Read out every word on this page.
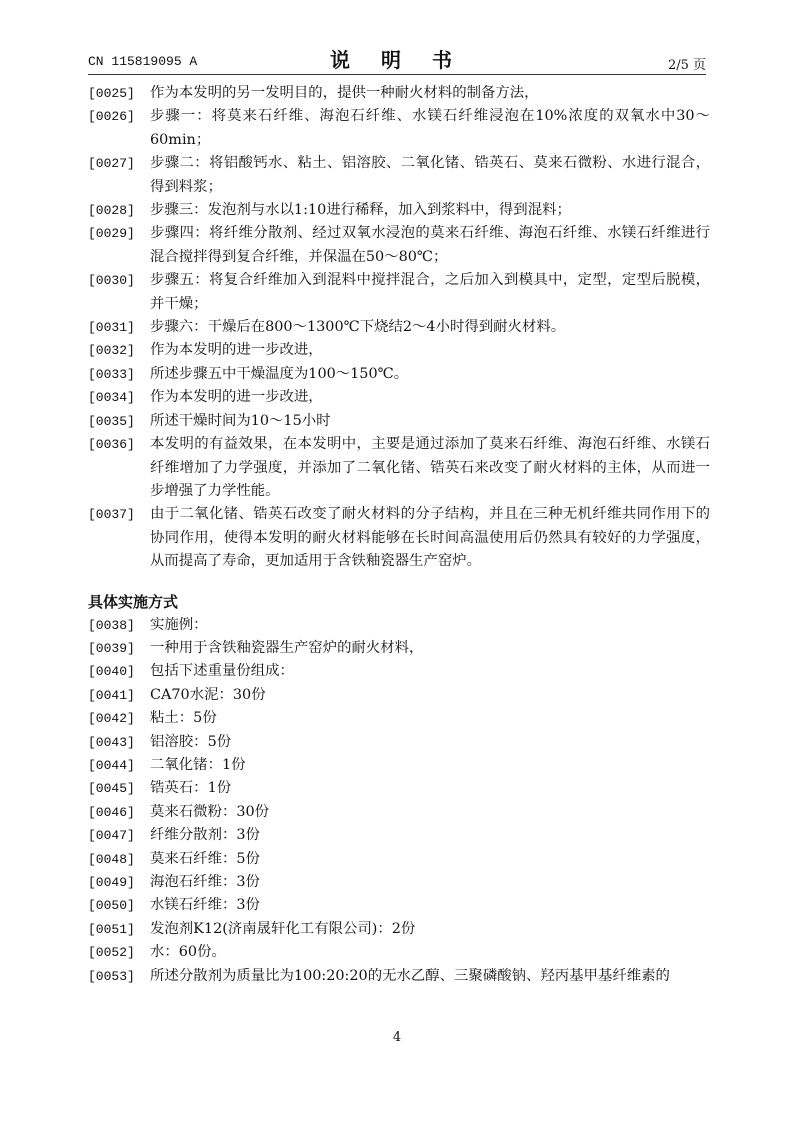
CN 115819095 A	说 明 书	2/5 页
[0025]	作为本发明的另一发明目的，提供一种耐火材料的制备方法，
[0026]	步骤一：将莫来石纤维、海泡石纤维、水镁石纤维浸泡在10%浓度的双氧水中30～60min；
[0027]	步骤二：将铝酸钙水、粘土、铝溶胶、二氧化锗、锆英石、莫来石微粉、水进行混合，得到料浆；
[0028]	步骤三：发泡剂与水以1:10进行稀释，加入到浆料中，得到混料；
[0029]	步骤四：将纤维分散剂、经过双氧水浸泡的莫来石纤维、海泡石纤维、水镁石纤维进行混合搅拌得到复合纤维，并保温在50～80℃；
[0030]	步骤五：将复合纤维加入到混料中搅拌混合，之后加入到模具中，定型，定型后脱模，并干燥；
[0031]	步骤六：干燥后在800～1300℃下烧结2～4小时得到耐火材料。
[0032]	作为本发明的进一步改进，
[0033]	所述步骤五中干燥温度为100～150℃。
[0034]	作为本发明的进一步改进，
[0035]	所述干燥时间为10～15小时
[0036]	本发明的有益效果，在本发明中，主要是通过添加了莫来石纤维、海泡石纤维、水镁石纤维增加了力学强度，并添加了二氧化锗、锆英石来改变了耐火材料的主体，从而进一步增强了力学性能。
[0037]	由于二氧化锗、锆英石改变了耐火材料的分子结构，并且在三种无机纤维共同作用下的协同作用，使得本发明的耐火材料能够在长时间高温使用后仍然具有较好的力学强度，从而提高了寿命，更加适用于含铁釉瓷器生产窑炉。
具体实施方式
[0038]	实施例：
[0039]	一种用于含铁釉瓷器生产窑炉的耐火材料，
[0040]	包括下述重量份组成：
[0041]	CA70水泥：30份
[0042]	粘土：5份
[0043]	铝溶胶：5份
[0044]	二氧化锗：1份
[0045]	锆英石：1份
[0046]	莫来石微粉：30份
[0047]	纤维分散剂：3份
[0048]	莫来石纤维：5份
[0049]	海泡石纤维：3份
[0050]	水镁石纤维：3份
[0051]	发泡剂K12(济南晟轩化工有限公司)：2份
[0052]	水：60份。
[0053]	所述分散剂为质量比为100:20:20的无水乙醇、三聚磷酸钠、羟丙基甲基纤维素的
4
